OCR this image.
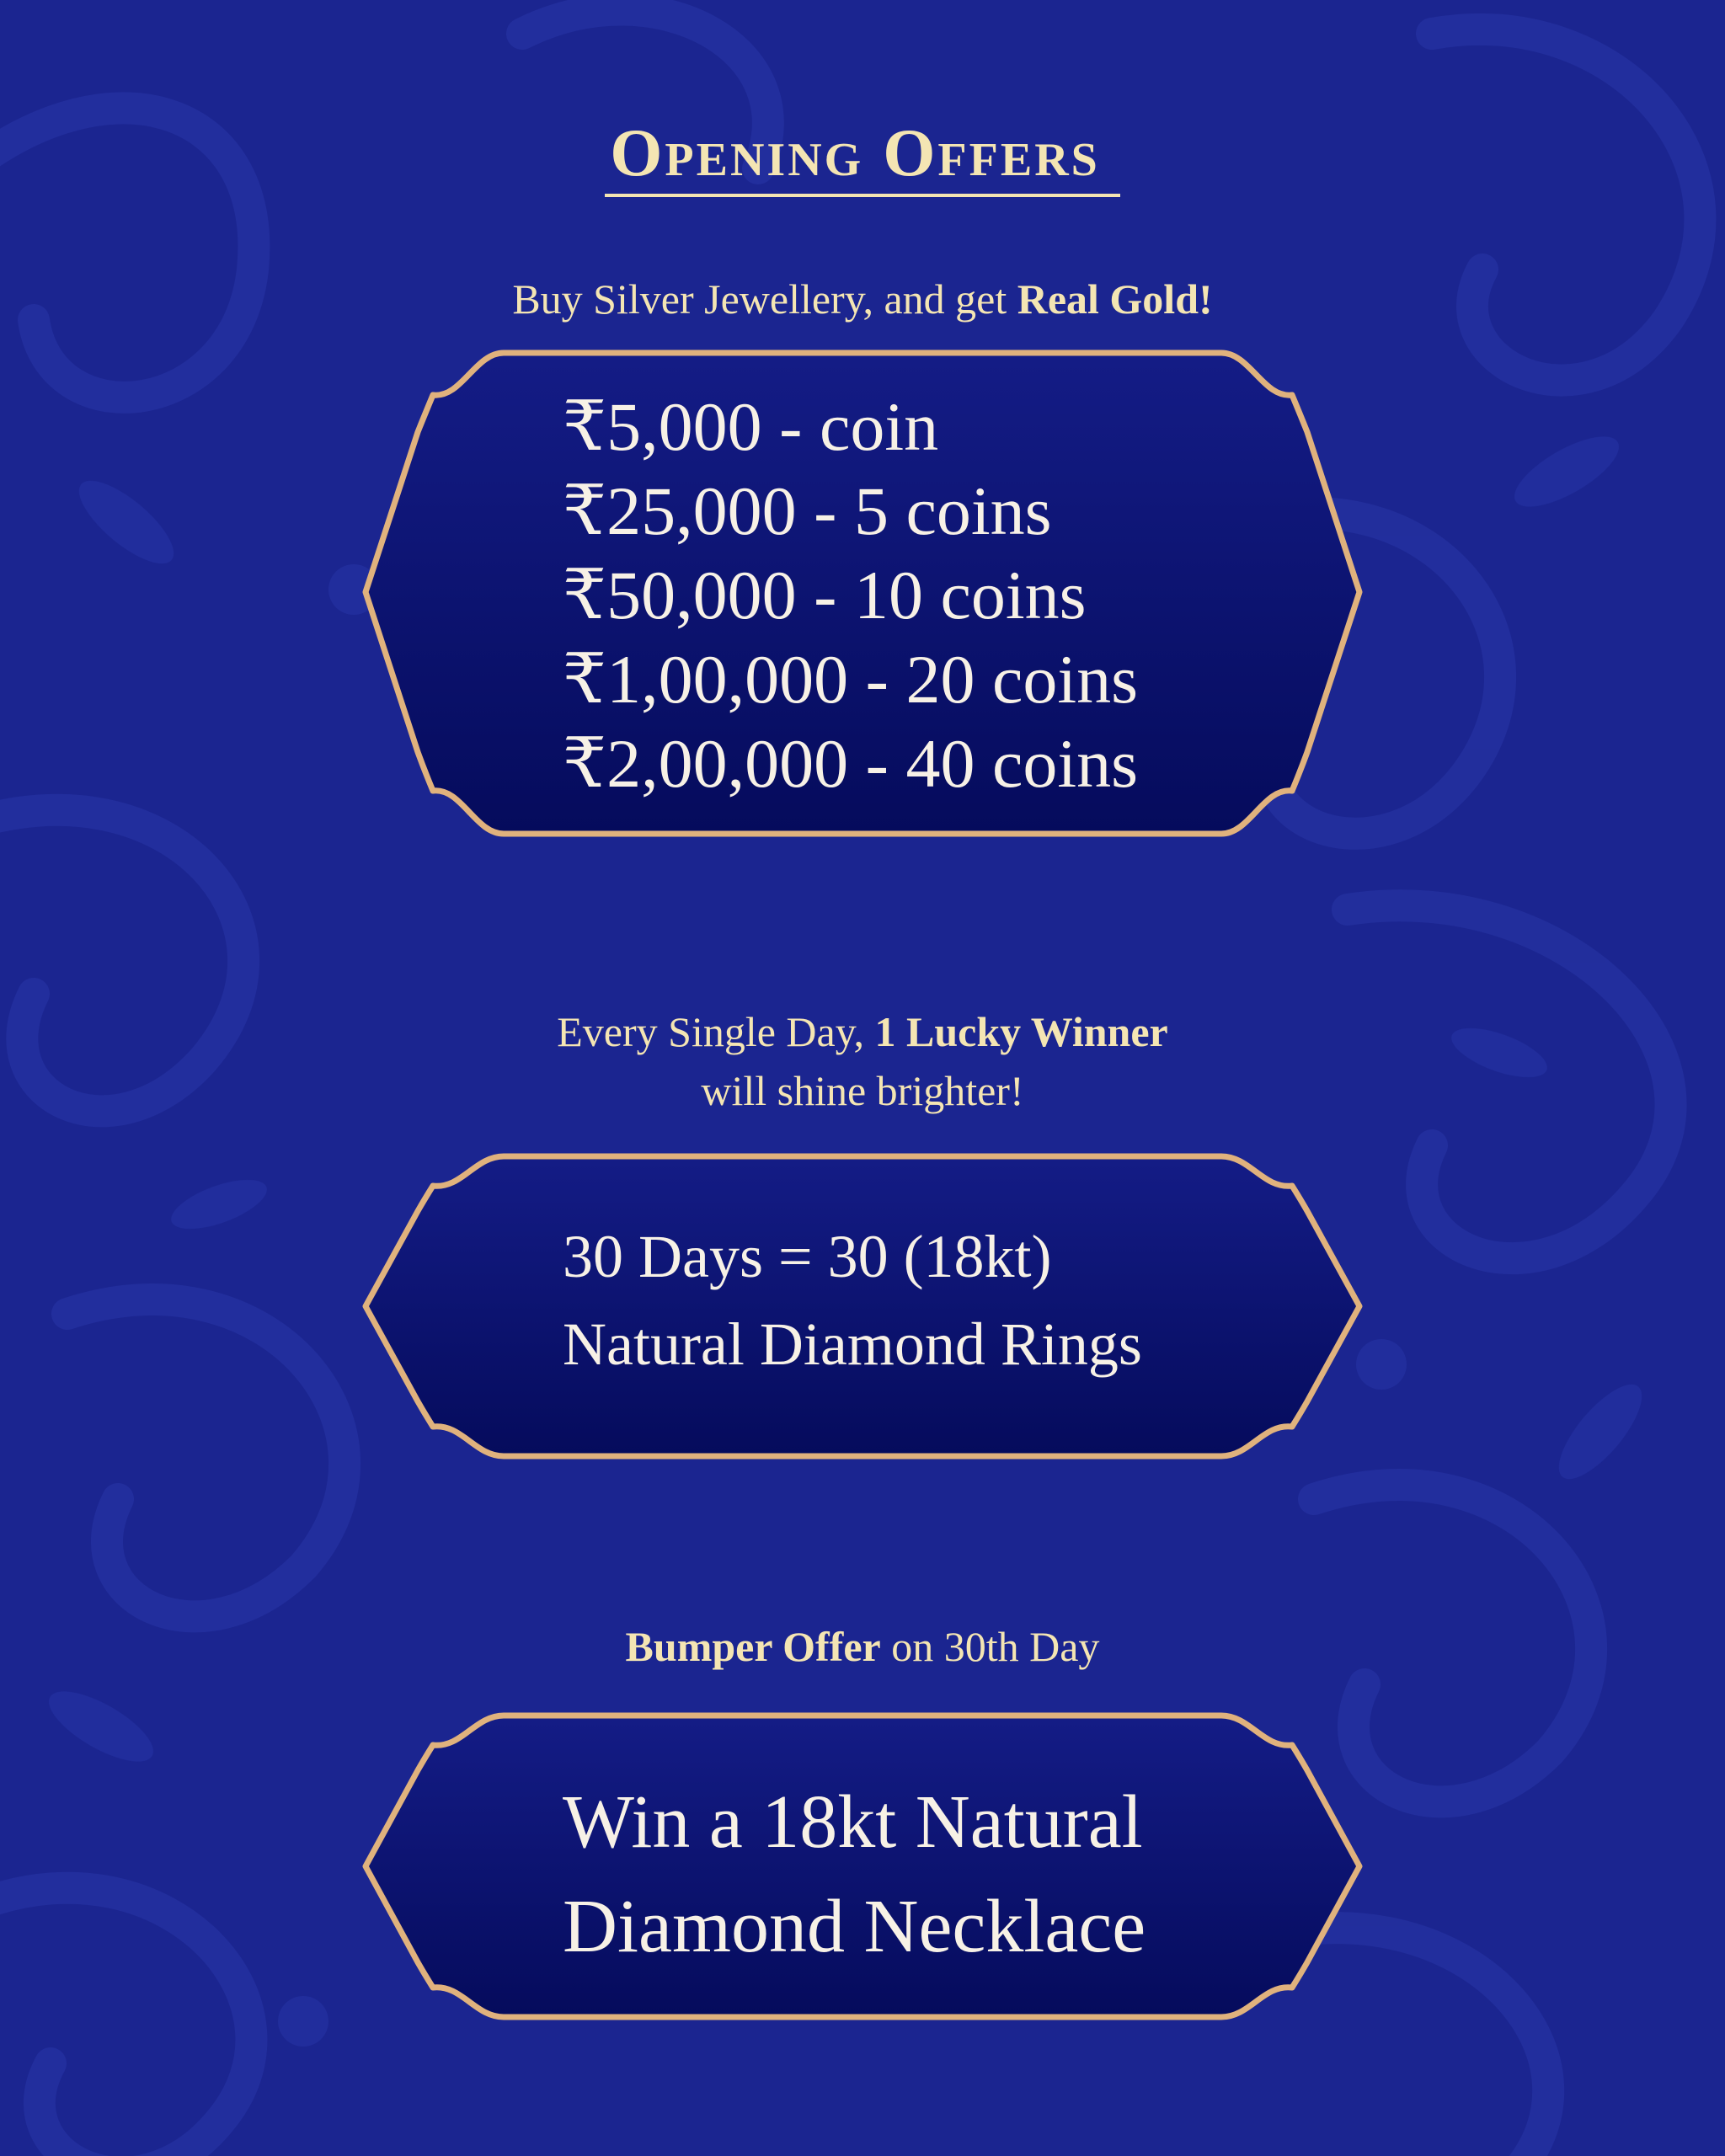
Opening Offers
Buy Silver Jewellery, and get Real Gold!
₹5,000 - coin
₹25,000 - 5 coins
₹50,000 - 10 coins
₹1,00,000 - 20 coins
₹2,00,000 - 40 coins
Every Single Day, 1 Lucky Winner
will shine brighter!
30 Days = 30 (18kt)
Natural Diamond Rings
Bumper Offer on 30th Day
Win a 18kt Natural
Diamond Necklace
